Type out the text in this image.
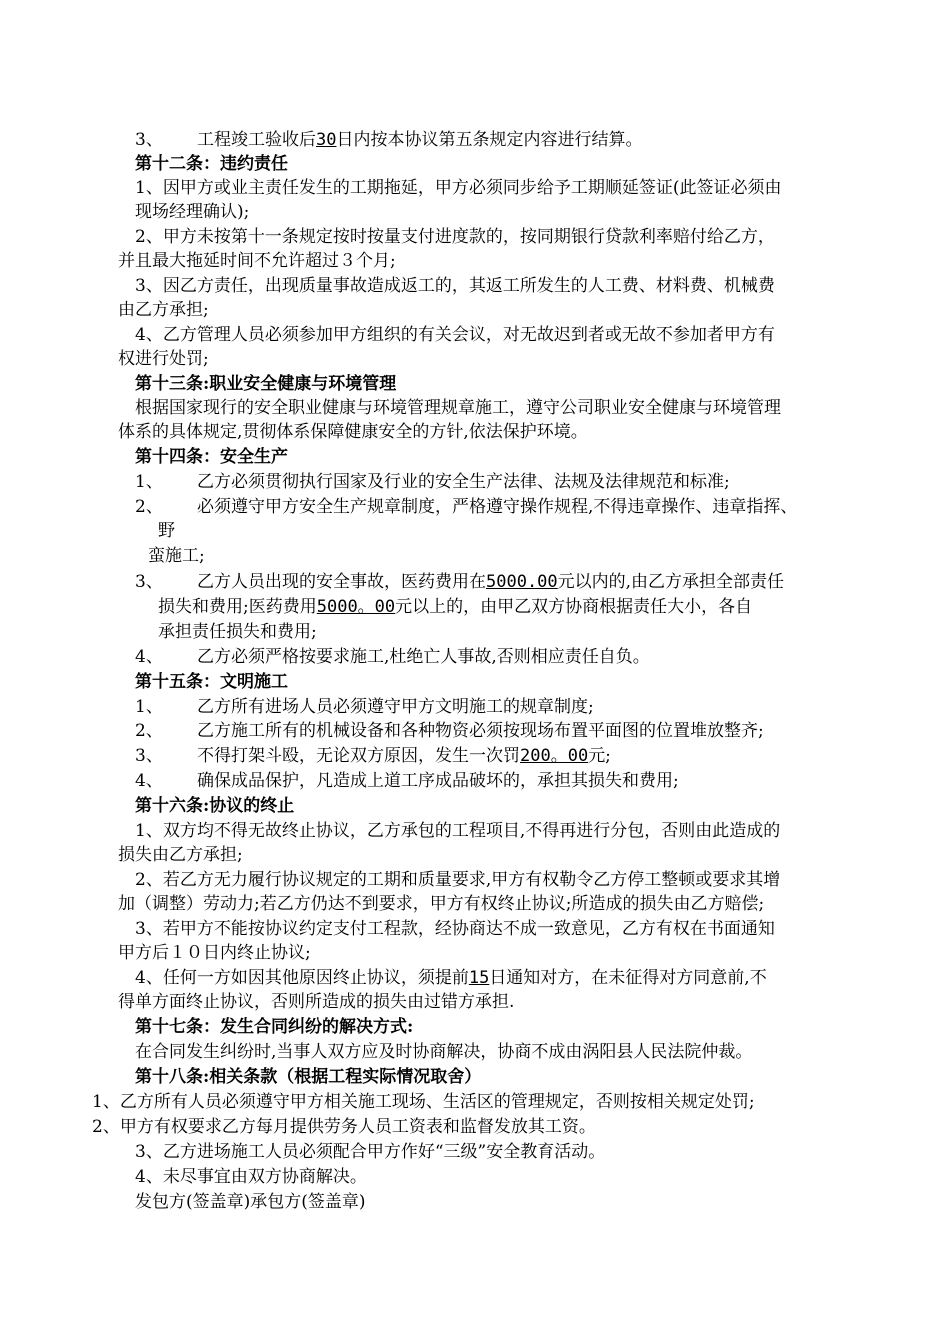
3、 工程竣工验收后30日内按本协议第五条规定内容进行结算。
第十二条：违约责任
1、因甲方或业主责任发生的工期拖延，甲方必须同步给予工期顺延签证(此签证必须由
现场经理确认);
2、甲方未按第十一条规定按时按量支付进度款的，按同期银行贷款利率赔付给乙方，
并且最大拖延时间不允许超过３个月;
3、因乙方责任，出现质量事故造成返工的，其返工所发生的人工费、材料费、机械费
由乙方承担;
4、乙方管理人员必须参加甲方组织的有关会议，对无故迟到者或无故不参加者甲方有
权进行处罚;
第十三条:职业安全健康与环境管理
根据国家现行的安全职业健康与环境管理规章施工，遵守公司职业安全健康与环境管理
体系的具体规定,贯彻体系保障健康安全的方针,依法保护环境。
第十四条：安全生产
1、 乙方必须贯彻执行国家及行业的安全生产法律、法规及法律规范和标准;
2、 必须遵守甲方安全生产规章制度，严格遵守操作规程,不得违章操作、违章指挥、
野
蛮施工;
3、 乙方人员出现的安全事故，医药费用在5000.00元以内的,由乙方承担全部责任
损失和费用;医药费用5000。00元以上的，由甲乙双方协商根据责任大小，各自
承担责任损失和费用;
4、 乙方必须严格按要求施工,杜绝亡人事故,否则相应责任自负。
第十五条：文明施工
1、 乙方所有进场人员必须遵守甲方文明施工的规章制度;
2、 乙方施工所有的机械设备和各种物资必须按现场布置平面图的位置堆放整齐;
3、 不得打架斗殴，无论双方原因，发生一次罚200。00元;
4、 确保成品保护，凡造成上道工序成品破坏的，承担其损失和费用;
第十六条:协议的终止
1、双方均不得无故终止协议，乙方承包的工程项目,不得再进行分包，否则由此造成的
损失由乙方承担;
2、若乙方无力履行协议规定的工期和质量要求,甲方有权勒令乙方停工整顿或要求其增
加（调整）劳动力;若乙方仍达不到要求，甲方有权终止协议;所造成的损失由乙方赔偿;
3、若甲方不能按协议约定支付工程款，经协商达不成一致意见，乙方有权在书面通知
甲方后１０日内终止协议;
4、任何一方如因其他原因终止协议，须提前15日通知对方，在未征得对方同意前,不
得单方面终止协议，否则所造成的损失由过错方承担.
第十七条：发生合同纠纷的解决方式:
在合同发生纠纷时,当事人双方应及时协商解决，协商不成由涡阳县人民法院仲裁。
第十八条:相关条款（根据工程实际情况取舍）
1、乙方所有人员必须遵守甲方相关施工现场、生活区的管理规定，否则按相关规定处罚;
2、甲方有权要求乙方每月提供劳务人员工资表和监督发放其工资。
3、乙方进场施工人员必须配合甲方作好“三级”安全教育活动。
4、未尽事宜由双方协商解决。
发包方(签盖章)承包方(签盖章)
